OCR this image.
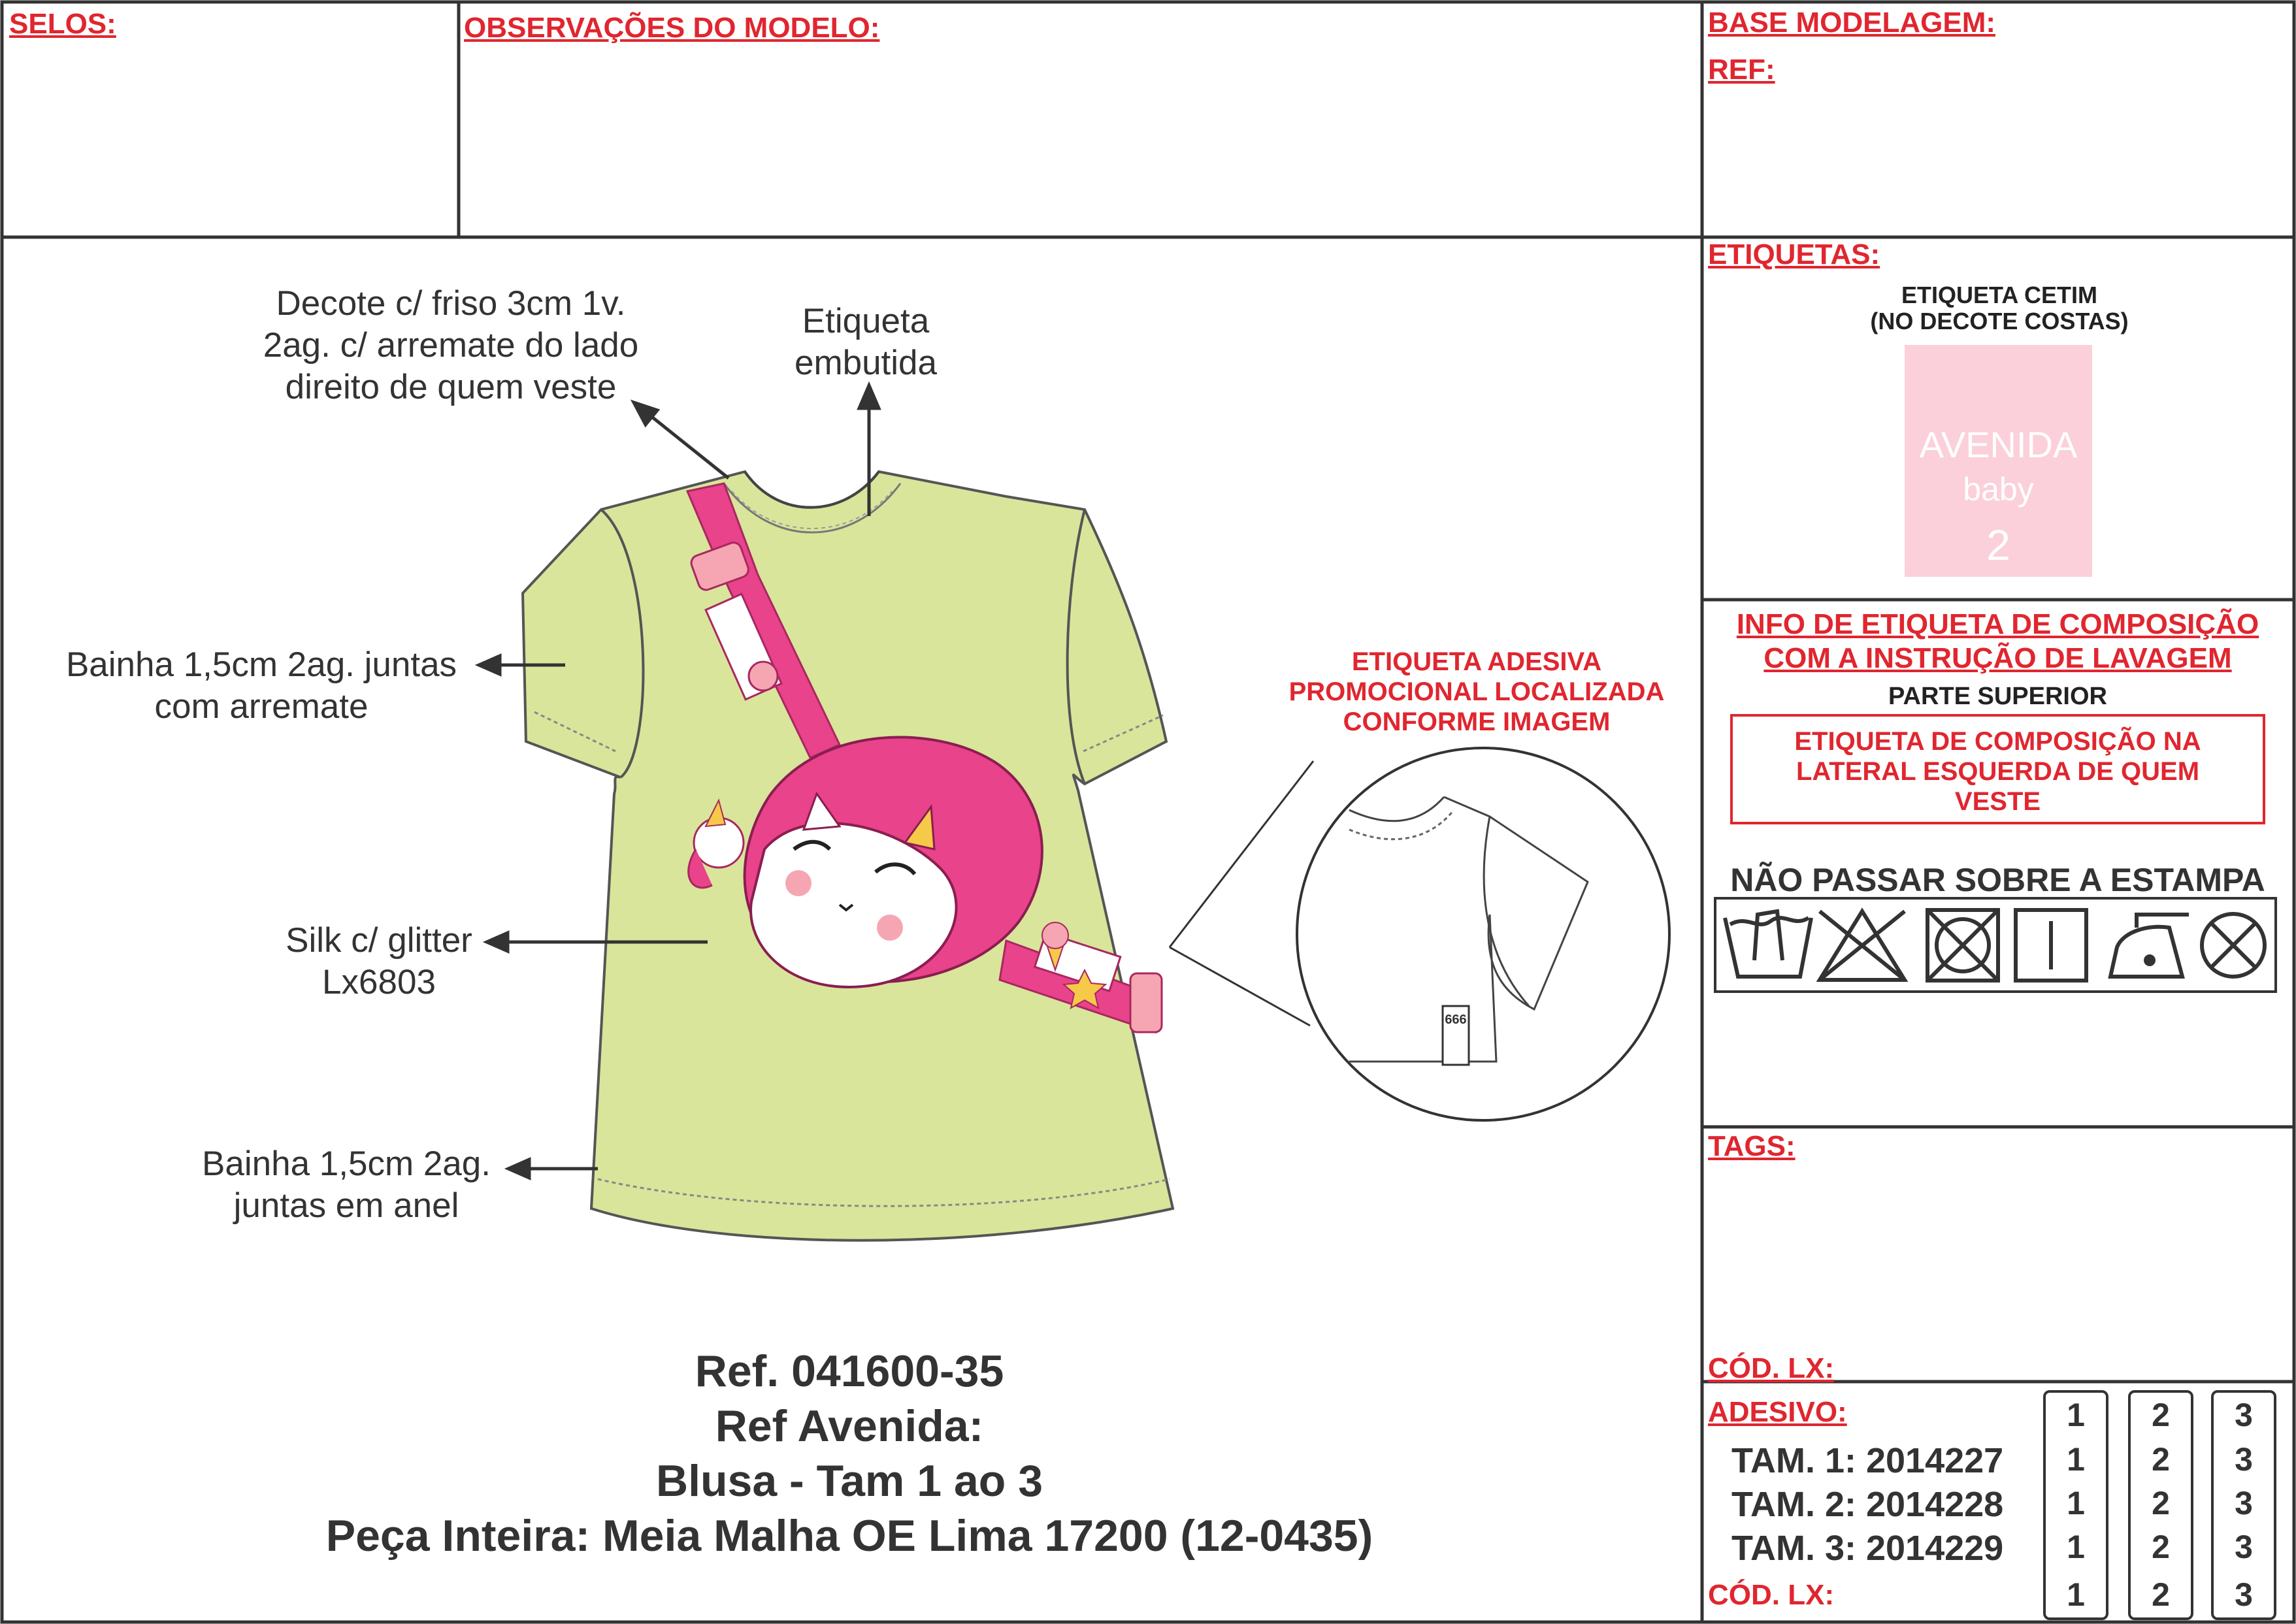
SELOS:	OBSERVAÇÕES DO MODELO:	BASE MODELAGEM:
REF:
ETIQUETAS:
TAGS:
CÓD. LX:
ADESIVO:
CÓD. LX:
Decote c/ friso 3cm 1v.
2ag. c/ arremate do lado
direito de quem veste
Etiqueta
embutida
Bainha 1,5cm 2ag. juntas
com arremate
Silk c/ glitter
Lx6803
Bainha 1,5cm 2ag.
juntas em anel
ETIQUETA ADESIVA
PROMOCIONAL LOCALIZADA
CONFORME IMAGEM
666
ETIQUETA CETIM
(NO DECOTE COSTAS)
AVENIDA
baby
2
INFO DE ETIQUETA DE COMPOSIÇÃO
COM A INSTRUÇÃO DE LAVAGEM
PARTE SUPERIOR
ETIQUETA DE COMPOSIÇÃO NA
LATERAL ESQUERDA DE QUEM
VESTE
NÃO PASSAR SOBRE A ESTAMPA
Ref. 041600-35
Ref Avenida:
Blusa - Tam 1 ao 3
Peça Inteira: Meia Malha OE Lima 17200 (12-0435)
TAM. 1: 2014227
TAM. 2: 2014228
TAM. 3: 2014229
1
1
1
1
1
2
2
2
2
2
3
3
3
3
3
